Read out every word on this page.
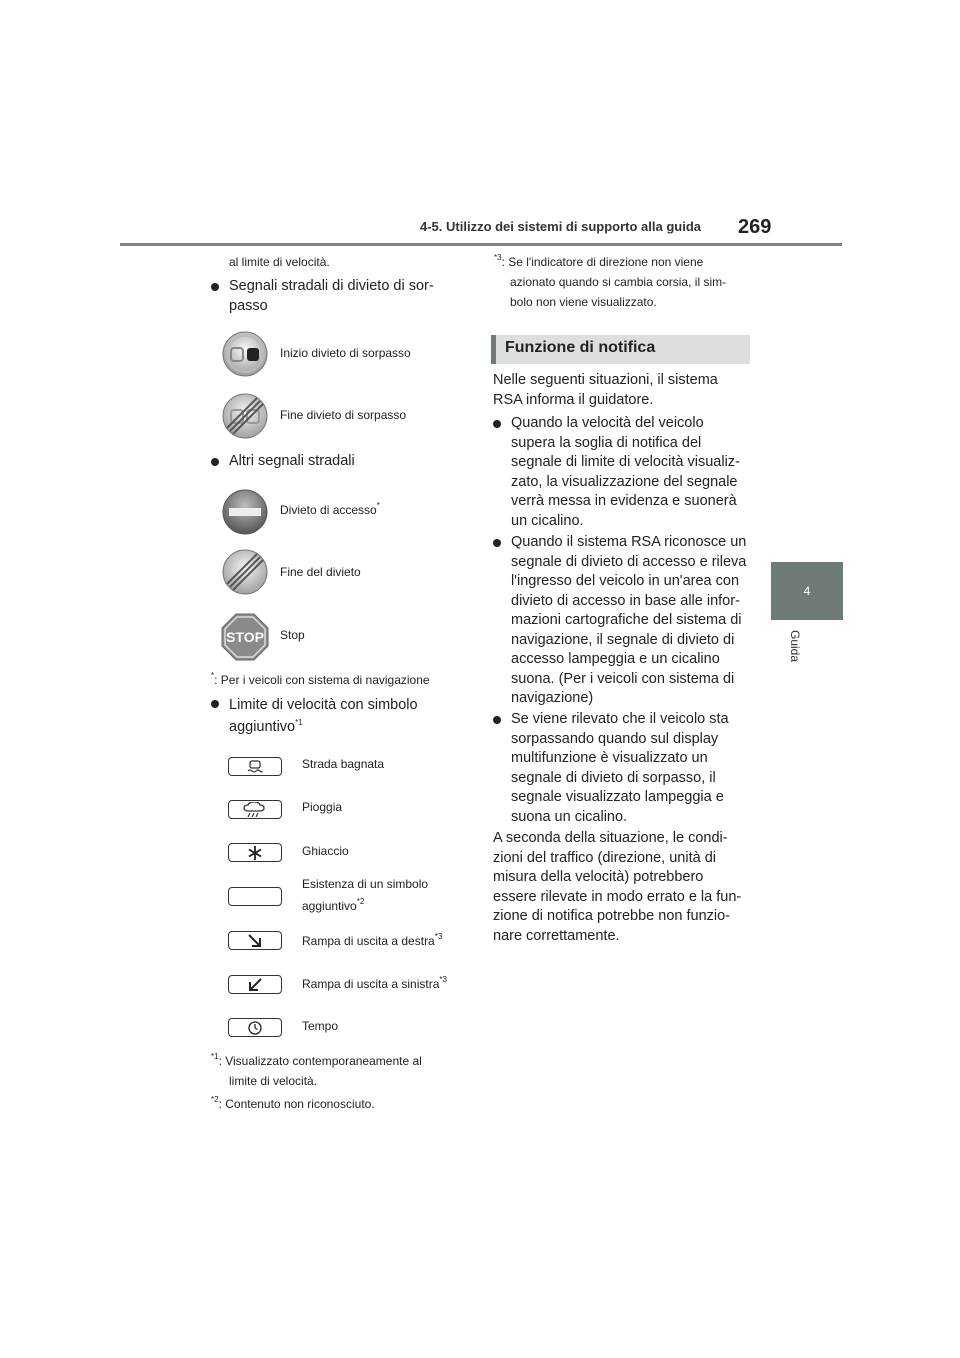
4-5. Utilizzo dei sistemi di supporto alla guida 269
4
Guida
al limite di velocità.
Segnali stradali di divieto di sor-
passo
Inizio divieto di sorpasso
Fine divieto di sorpasso
Altri segnali stradali
Divieto di accesso*
Fine del divieto
STOP Stop
*: Per i veicoli con sistema di navigazione
Limite di velocità con simbolo
aggiuntivo$^{*1}$
Strada bagnata
Pioggia
Ghiaccio
Esistenza di un simbolo
aggiuntivo$^{*2}$
Rampa di uscita a destra$^{*3}$
Rampa di uscita a sinistra$^{*3}$
Tempo
$^{*1}$: Visualizzato contemporaneamente al
limite di velocità.
$^{*2}$: Contenuto non riconosciuto.
$^{*3}$: Se l'indicatore di direzione non viene
azionato quando si cambia corsia, il sim-
bolo non viene visualizzato.
Funzione di notifica
Nelle seguenti situazioni, il sistema
RSA informa il guidatore.
Quando la velocità del veicolo
supera la soglia di notifica del
segnale di limite di velocità visualiz-
zato, la visualizzazione del segnale
verrà messa in evidenza e suonerà
un cicalino.
Quando il sistema RSA riconosce un
segnale di divieto di accesso e rileva
l'ingresso del veicolo in un'area con
divieto di accesso in base alle infor-
mazioni cartografiche del sistema di
navigazione, il segnale di divieto di
accesso lampeggia e un cicalino
suona. (Per i veicoli con sistema di
navigazione)
Se viene rilevato che il veicolo sta
sorpassando quando sul display
multifunzione è visualizzato un
segnale di divieto di sorpasso, il
segnale visualizzato lampeggia e
suona un cicalino.
A seconda della situazione, le condi-
zioni del traffico (direzione, unità di
misura della velocità) potrebbero
essere rilevate in modo errato e la fun-
zione di notifica potrebbe non funzio-
nare correttamente.
